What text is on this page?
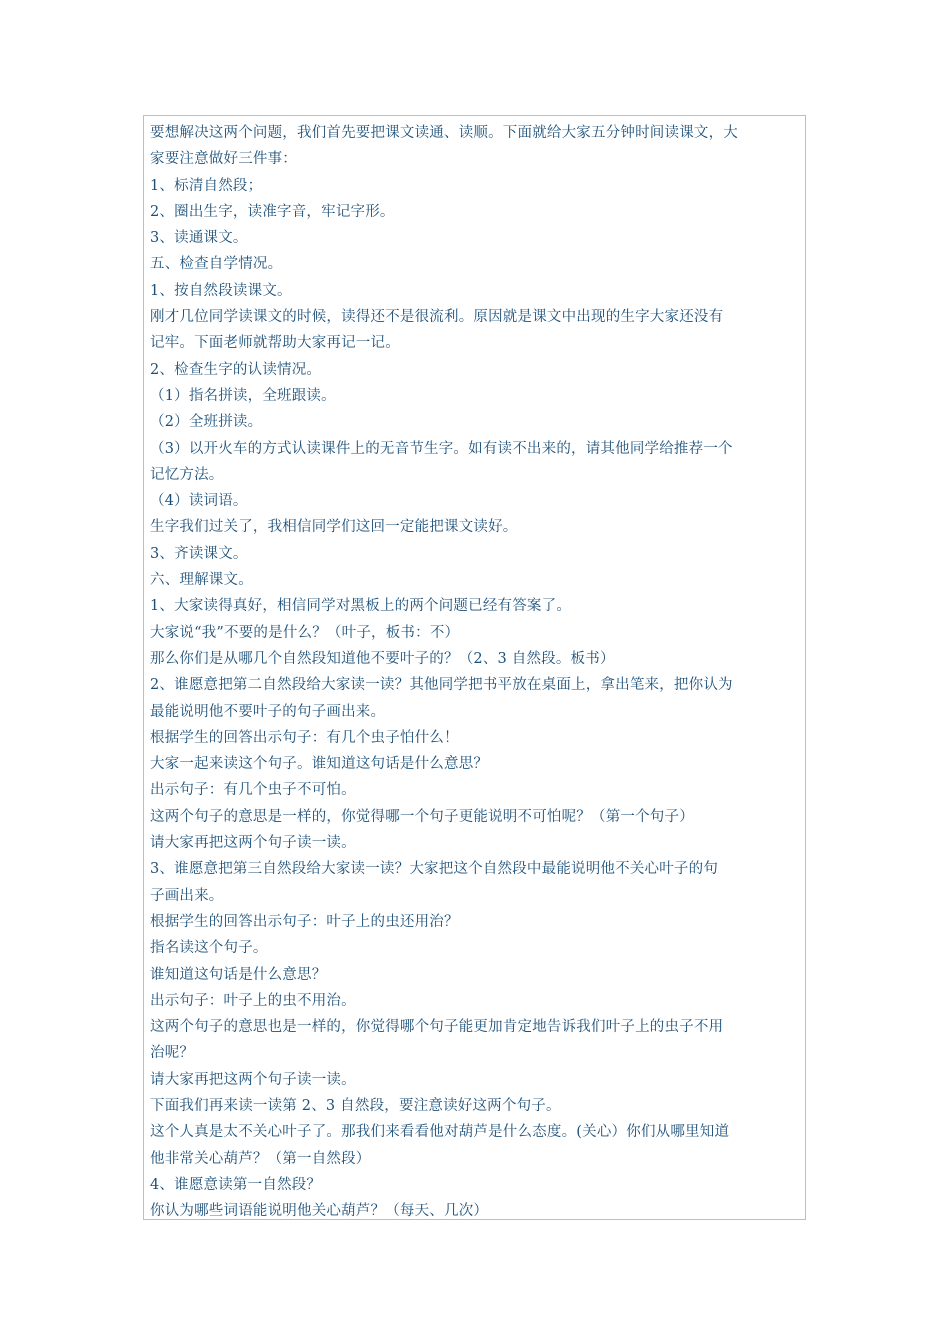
要想解决这两个问题，我们首先要把课文读通、读顺。下面就给大家五分钟时间读课文，大
家要注意做好三件事：
1、标清自然段；
2、圈出生字，读准字音，牢记字形。
3、读通课文。
五、检查自学情况。
1、按自然段读课文。
刚才几位同学读课文的时候，读得还不是很流利。原因就是课文中出现的生字大家还没有
记牢。下面老师就帮助大家再记一记。
2、检查生字的认读情况。
（1）指名拼读，全班跟读。
（2）全班拼读。
（3）以开火车的方式认读课件上的无音节生字。如有读不出来的，请其他同学给推荐一个
记忆方法。
（4）读词语。
生字我们过关了，我相信同学们这回一定能把课文读好。
3、齐读课文。
六、理解课文。
1、大家读得真好，相信同学对黑板上的两个问题已经有答案了。
大家说“我”不要的是什么？（叶子，板书：不）
那么你们是从哪几个自然段知道他不要叶子的？（2、3 自然段。板书）
2、谁愿意把第二自然段给大家读一读？其他同学把书平放在桌面上，拿出笔来，把你认为
最能说明他不要叶子的句子画出来。
根据学生的回答出示句子：有几个虫子怕什么！
大家一起来读这个句子。谁知道这句话是什么意思？
出示句子：有几个虫子不可怕。
这两个句子的意思是一样的，你觉得哪一个句子更能说明不可怕呢？（第一个句子）
请大家再把这两个句子读一读。
3、谁愿意把第三自然段给大家读一读？大家把这个自然段中最能说明他不关心叶子的句
子画出来。
根据学生的回答出示句子：叶子上的虫还用治？
指名读这个句子。
谁知道这句话是什么意思？
出示句子：叶子上的虫不用治。
这两个句子的意思也是一样的，你觉得哪个句子能更加肯定地告诉我们叶子上的虫子不用
治呢？
请大家再把这两个句子读一读。
下面我们再来读一读第 2、3 自然段，要注意读好这两个句子。
这个人真是太不关心叶子了。那我们来看看他对葫芦是什么态度。(关心）你们从哪里知道
他非常关心葫芦？（第一自然段）
4、谁愿意读第一自然段？
你认为哪些词语能说明他关心葫芦？（每天、几次）
